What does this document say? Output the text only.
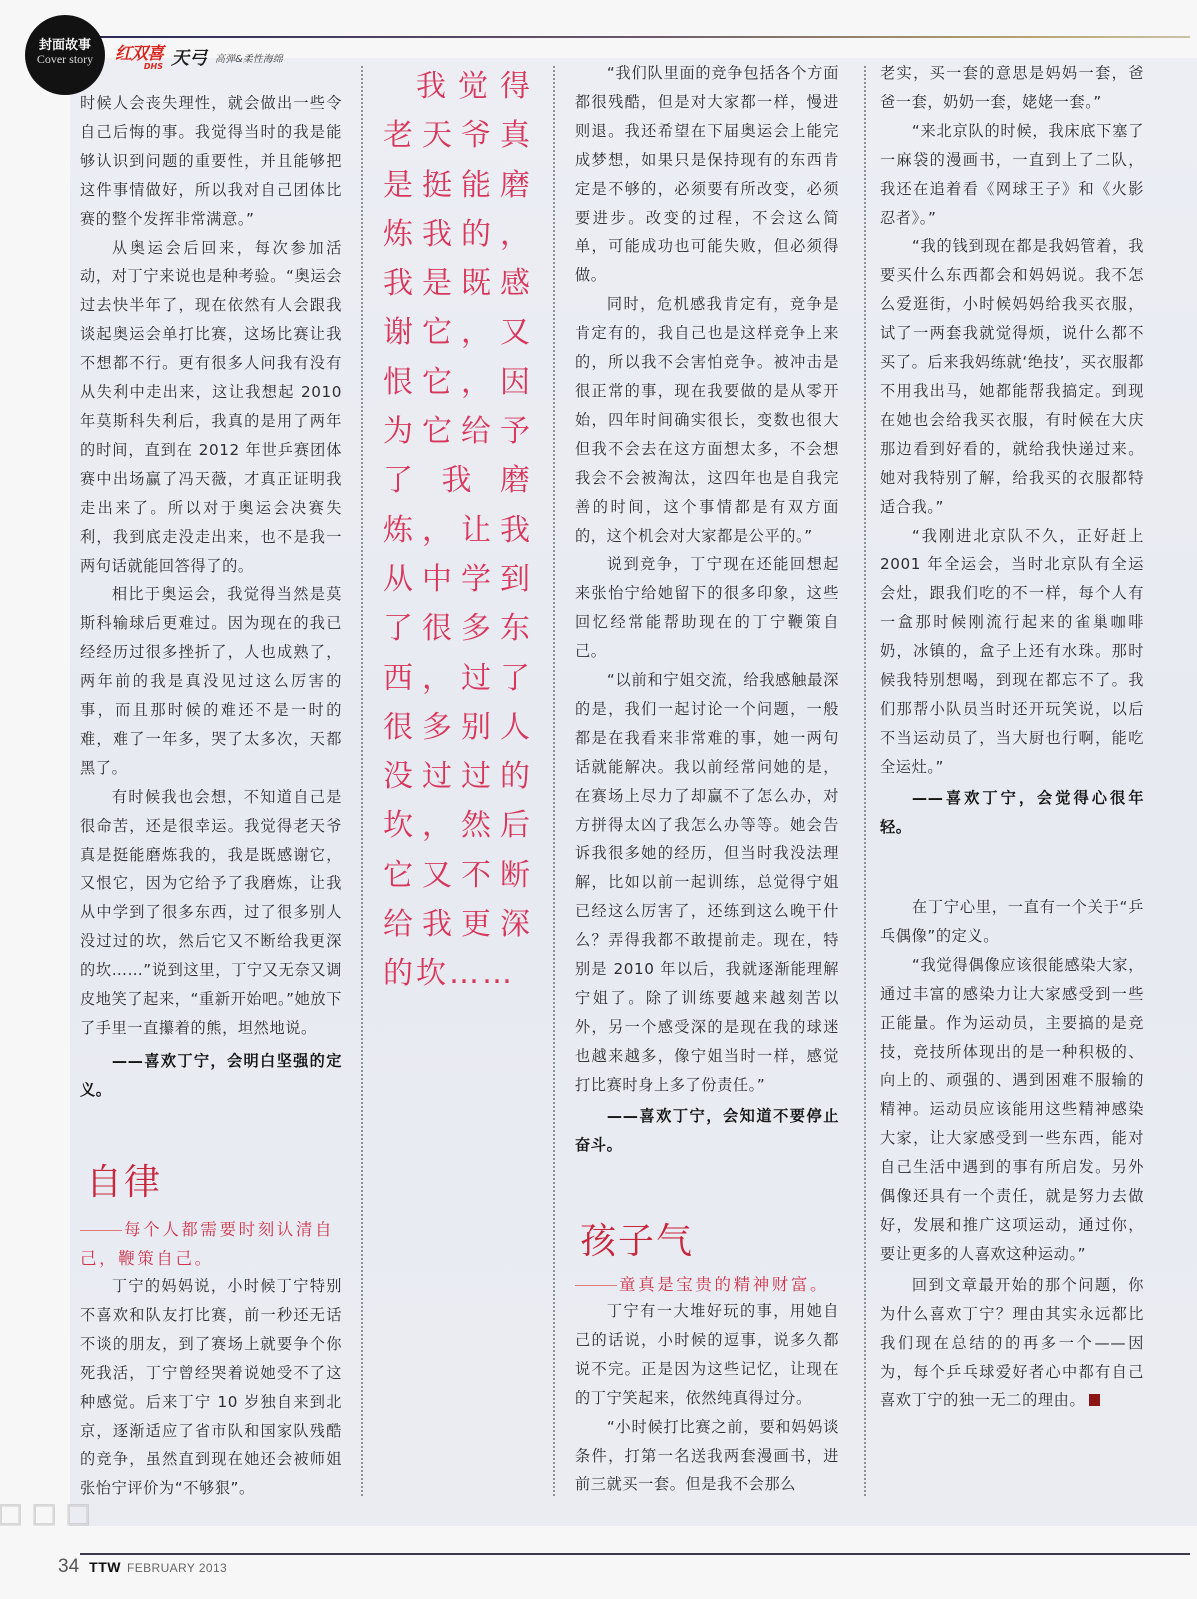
封面故事
Cover story 红双喜
DHS 天弓 高弹&柔性海绵

时候人会丧失理性，就会做出一些令自己后悔的事。我觉得当时的我是能够认识到问题的重要性，并且能够把这件事情做好，所以我对自己团体比赛的整个发挥非常满意。”

从奥运会后回来，每次参加活动，对丁宁来说也是种考验。“奥运会过去快半年了，现在依然有人会跟我谈起奥运会单打比赛，这场比赛让我不想都不行。更有很多人问我有没有从失利中走出来，这让我想起 2010 年莫斯科失利后，我真的是用了两年的时间，直到在 2012 年世乒赛团体赛中出场赢了冯天薇，才真正证明我走出来了。所以对于奥运会决赛失利，我到底走没走出来，也不是我一两句话就能回答得了的。

相比于奥运会，我觉得当然是莫斯科输球后更难过。因为现在的我已经经历过很多挫折了，人也成熟了，两年前的我是真没见过这么厉害的事，而且那时候的难还不是一时的难，难了一年多，哭了太多次，天都黑了。

有时候我也会想，不知道自己是很命苦，还是很幸运。我觉得老天爷真是挺能磨炼我的，我是既感谢它，又恨它，因为它给予了我磨炼，让我从中学到了很多东西，过了很多别人没过过的坎，然后它又不断给我更深的坎……”说到这里，丁宁又无奈又调皮地笑了起来，“重新开始吧。”她放下了手里一直攥着的熊，坦然地说。

——喜欢丁宁，会明白坚强的定义。

自律
每个人都需要时刻认清自己，鞭策自己。

丁宁的妈妈说，小时候丁宁特别不喜欢和队友打比赛，前一秒还无话不谈的朋友，到了赛场上就要争个你死我活，丁宁曾经哭着说她受不了这种感觉。后来丁宁 10 岁独自来到北京，逐渐适应了省市队和国家队残酷的竞争，虽然直到现在她还会被师姐张怡宁评价为“不够狠”。

我觉得老天爷真是挺能磨炼我的，我是既感谢它，又恨它，因为它给予了我磨炼，让我从中学到了很多东西，过了很多别人没过过的坎，然后它又不断给我更深的坎……

“我们队里面的竞争包括各个方面都很残酷，但是对大家都一样，慢进则退。我还希望在下届奥运会上能完成梦想，如果只是保持现有的东西肯定是不够的，必须要有所改变，必须要进步。改变的过程，不会这么简单，可能成功也可能失败，但必须得做。

同时，危机感我肯定有，竞争是肯定有的，我自己也是这样竞争上来的，所以我不会害怕竞争。被冲击是很正常的事，现在我要做的是从零开始，四年时间确实很长，变数也很大但我不会去在这方面想太多，不会想我会不会被淘汰，这四年也是自我完善的时间，这个事情都是有双方面的，这个机会对大家都是公平的。”

说到竞争，丁宁现在还能回想起来张怡宁给她留下的很多印象，这些回忆经常能帮助现在的丁宁鞭策自己。

“以前和宁姐交流，给我感触最深的是，我们一起讨论一个问题，一般都是在我看来非常难的事，她一两句话就能解决。我以前经常问她的是，在赛场上尽力了却赢不了怎么办，对方拼得太凶了我怎么办等等。她会告诉我很多她的经历，但当时我没法理解，比如以前一起训练，总觉得宁姐已经这么厉害了，还练到这么晚干什么？弄得我都不敢提前走。现在，特别是 2010 年以后，我就逐渐能理解宁姐了。除了训练要越来越刻苦以外，另一个感受深的是现在我的球迷也越来越多，像宁姐当时一样，感觉打比赛时身上多了份责任。”

——喜欢丁宁，会知道不要停止奋斗。

孩子气
童真是宝贵的精神财富。

丁宁有一大堆好玩的事，用她自己的话说，小时候的逗事，说多久都说不完。正是因为这些记忆，让现在的丁宁笑起来，依然纯真得过分。

“小时候打比赛之前，要和妈妈谈条件，打第一名送我两套漫画书，进前三就买一套。但是我不会那么

老实，买一套的意思是妈妈一套，爸爸一套，奶奶一套，姥姥一套。”

“来北京队的时候，我床底下塞了一麻袋的漫画书，一直到上了二队，我还在追着看《网球王子》和《火影忍者》。”

“我的钱到现在都是我妈管着，我要买什么东西都会和妈妈说。我不怎么爱逛街，小时候妈妈给我买衣服，试了一两套我就觉得烦，说什么都不买了。后来我妈练就‘绝技’，买衣服都不用我出马，她都能帮我搞定。到现在她也会给我买衣服，有时候在大庆那边看到好看的，就给我快递过来。她对我特别了解，给我买的衣服都特适合我。”

“我刚进北京队不久，正好赶上 2001 年全运会，当时北京队有全运会灶，跟我们吃的不一样，每个人有一盒那时候刚流行起来的雀巢咖啡奶，冰镇的，盒子上还有水珠。那时候我特别想喝，到现在都忘不了。我们那帮小队员当时还开玩笑说，以后不当运动员了，当大厨也行啊，能吃全运灶。”

——喜欢丁宁，会觉得心很年轻。

在丁宁心里，一直有一个关于“乒乓偶像”的定义。

“我觉得偶像应该很能感染大家，通过丰富的感染力让大家感受到一些正能量。作为运动员，主要搞的是竞技，竞技所体现出的是一种积极的、向上的、顽强的、遇到困难不服输的精神。运动员应该能用这些精神感染大家，让大家感受到一些东西，能对自己生活中遇到的事有所启发。另外偶像还具有一个责任，就是努力去做好，发展和推广这项运动，通过你，要让更多的人喜欢这种运动。”

回到文章最开始的那个问题，你为什么喜欢丁宁？理由其实永远都比我们现在总结的的再多一个——因为，每个乒乓球爱好者心中都有自己喜欢丁宁的独一无二的理由。

□ □ □
34 TTW FEBRUARY 2013
